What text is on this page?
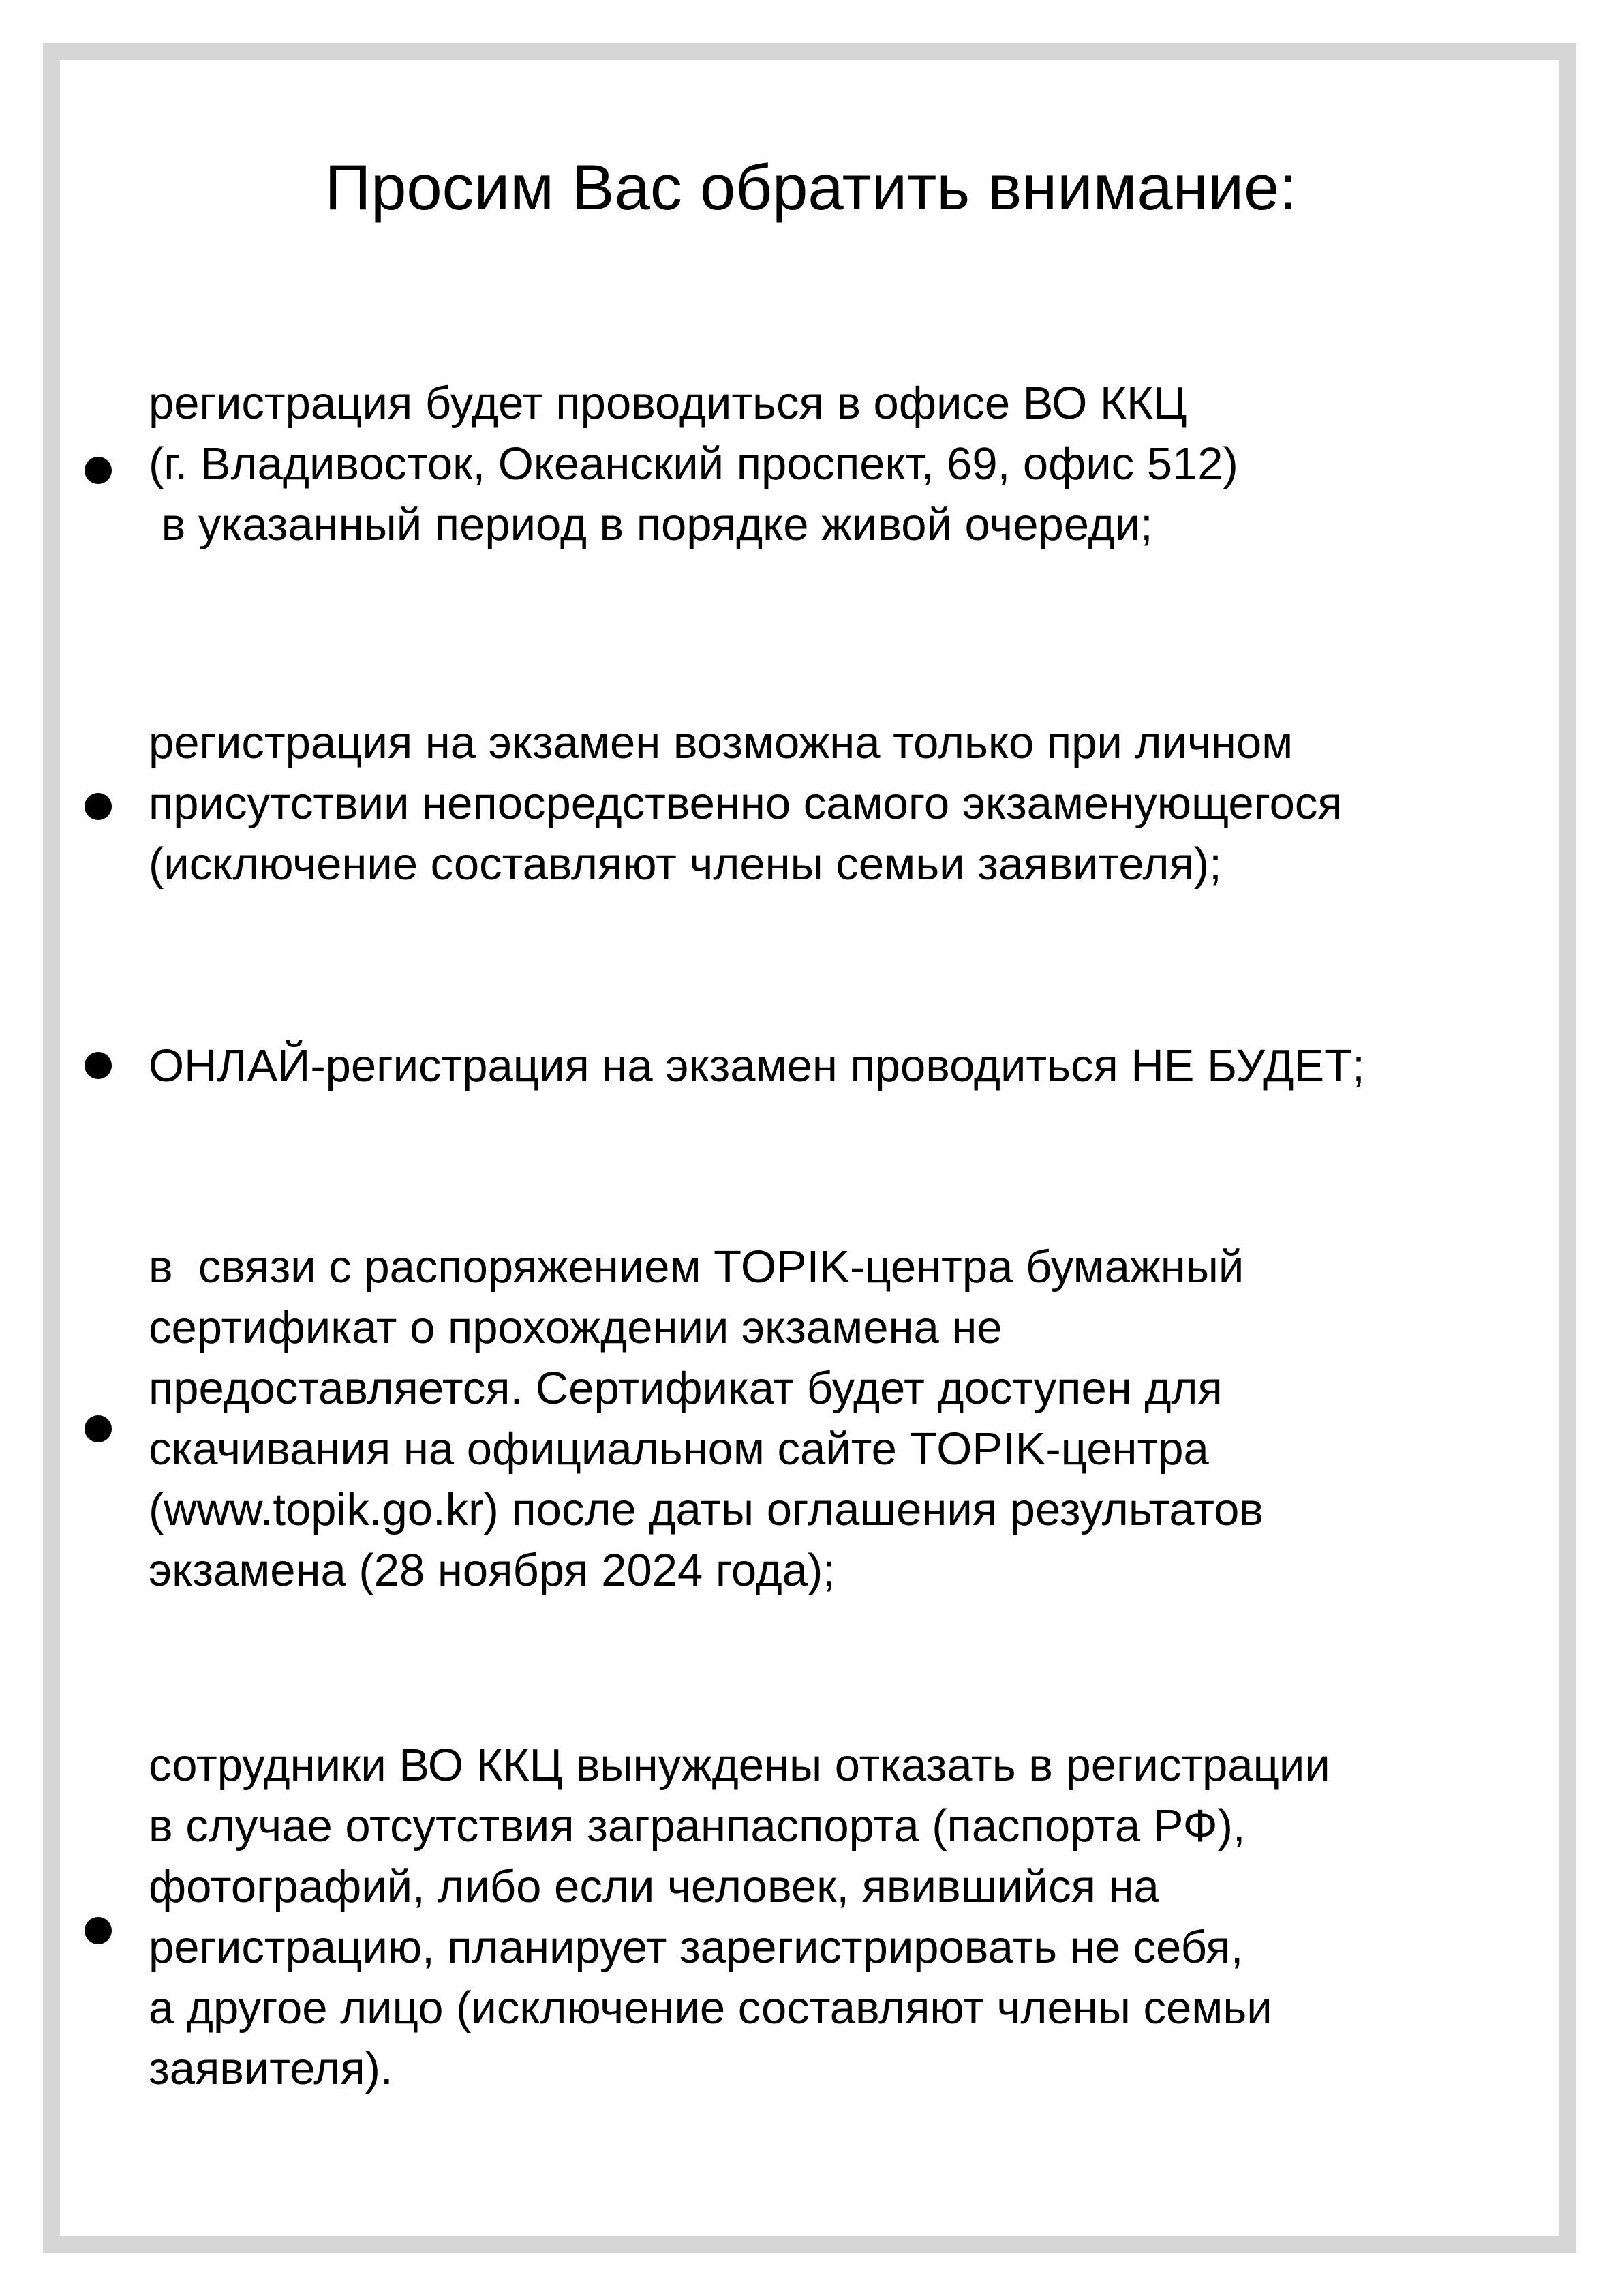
Просим Вас обратить внимание:
регистрация будет проводиться в офисе ВО ККЦ
(г. Владивосток, Океанский проспект, 69, офис 512)
в указанный период в порядке живой очереди;
регистрация на экзамен возможна только при личном
присутствии непосредственно самого экзаменующегося
(исключение составляют члены семьи заявителя);
ОНЛАЙ-регистрация на экзамен проводиться НЕ БУДЕТ;
в  связи с распоряжением TOPIK-центра бумажный
сертификат о прохождении экзамена не
предоставляется. Сертификат будет доступен для
скачивания на официальном сайте TOPIK-центра
(www.topik.go.kr) после даты оглашения результатов
экзамена (28 ноября 2024 года);
сотрудники ВО ККЦ вынуждены отказать в регистрации
в случае отсутствия загранпаспорта (паспорта РФ),
фотографий, либо если человек, явившийся на
регистрацию, планирует зарегистрировать не себя,
а другое лицо (исключение составляют члены семьи
заявителя).
